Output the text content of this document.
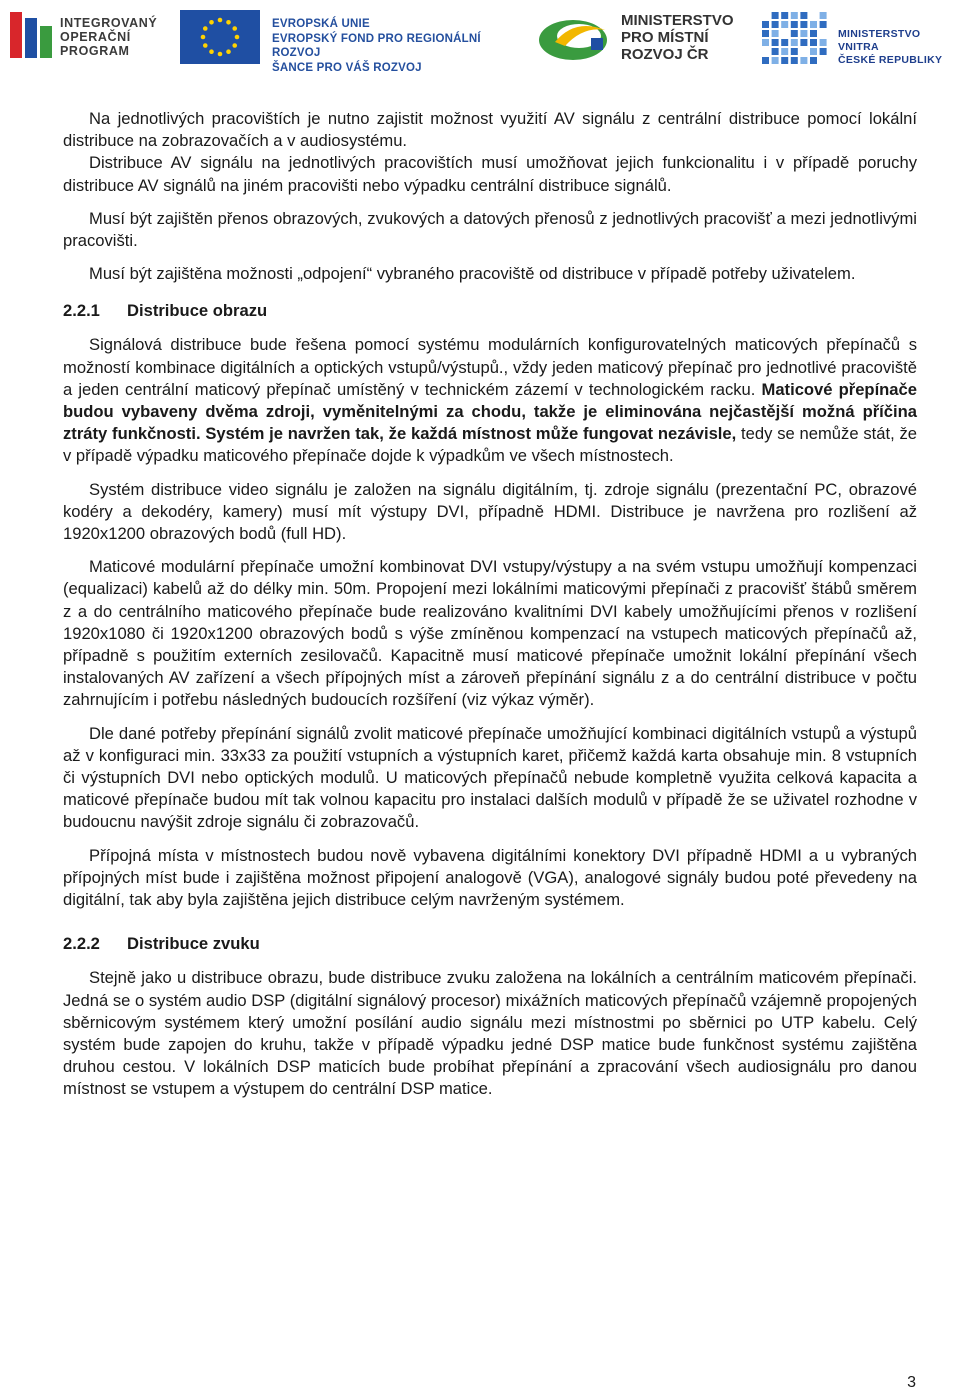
INTEGROVANÝ
OPERAČNÍ
PROGRAM
EVROPSKÁ UNIE
EVROPSKÝ FOND PRO REGIONÁLNÍ ROZVOJ
ŠANCE PRO VÁŠ ROZVOJ
MINISTERSTVO
PRO MÍSTNÍ
ROZVOJ ČR
MINISTERSTVO VNITRA
ČESKÉ REPUBLIKY

Na jednotlivých pracovištích je nutno zajistit možnost využití AV signálu z centrální distribuce pomocí lokální distribuce na zobrazovačích a v audiosystému.

Distribuce AV signálu na jednotlivých pracovištích musí umožňovat jejich funkcionalitu i v případě poruchy distribuce AV signálů na jiném pracovišti nebo výpadku centrální distribuce signálů.

Musí být zajištěn přenos obrazových, zvukových a datových přenosů z jednotlivých pracovišť a mezi jednotlivými pracovišti.

Musí být zajištěna možnosti „odpojení“ vybraného pracoviště od distribuce v případě potřeby uživatelem.

2.2.1	Distribuce obrazu

Signálová distribuce bude řešena pomocí systému modulárních konfigurovatelných maticových přepínačů s možností kombinace digitálních a optických vstupů/výstupů., vždy jeden maticový přepínač pro jednotlivé pracoviště a jeden centrální maticový přepínač umístěný v technickém zázemí v technologickém racku. Maticové přepínače budou vybaveny dvěma zdroji, vyměnitelnými za chodu, takže je eliminována nejčastější možná příčina ztráty funkčnosti. Systém je navržen tak, že každá místnost může fungovat nezávisle, tedy se nemůže stát, že v případě výpadku maticového přepínače dojde k výpadkům ve všech místnostech.

Systém distribuce video signálu je založen na signálu digitálním, tj. zdroje signálu (prezentační PC, obrazové kodéry a dekodéry, kamery) musí mít výstupy DVI, případně HDMI. Distribuce je navržena pro rozlišení až 1920x1200 obrazových bodů (full HD).

Maticové modulární přepínače umožní kombinovat DVI vstupy/výstupy a na svém vstupu umožňují kompenzaci (equalizaci) kabelů až do délky min. 50m. Propojení mezi lokálními maticovými přepínači z pracovišť štábů směrem z a do centrálního maticového přepínače bude realizováno kvalitními DVI kabely umožňujícími přenos v rozlišení 1920x1080 či 1920x1200 obrazových bodů s výše zmíněnou kompenzací na vstupech maticových přepínačů až, případně s použitím externích zesilovačů. Kapacitně musí maticové přepínače umožnit lokální přepínání všech instalovaných AV zařízení a všech přípojných míst a zároveň přepínání signálu z a do centrální distribuce v počtu zahrnujícím i potřebu následných budoucích rozšíření (viz výkaz výměr).

Dle dané potřeby přepínání signálů zvolit maticové přepínače umožňující kombinaci digitálních vstupů a výstupů až v konfiguraci min. 33x33 za použití vstupních a výstupních karet, přičemž každá karta obsahuje min. 8 vstupních či výstupních DVI nebo optických modulů. U maticových přepínačů nebude kompletně využita celková kapacita a maticové přepínače budou mít tak volnou kapacitu pro instalaci dalších modulů v případě že se uživatel rozhodne v budoucnu navýšit zdroje signálu či zobrazovačů.

Přípojná místa v místnostech budou nově vybavena digitálními konektory DVI případně HDMI a u vybraných přípojných míst bude i zajištěna možnost připojení analogově (VGA), analogové signály budou poté převedeny na digitální, tak aby byla zajištěna jejich distribuce celým navrženým systémem.

2.2.2	Distribuce zvuku

Stejně jako u distribuce obrazu, bude distribuce zvuku založena na lokálních a centrálním maticovém přepínači. Jedná se o systém audio DSP (digitální signálový procesor) mixážních maticových přepínačů vzájemně propojených sběrnicovým systémem který umožní posílání audio signálu mezi místnostmi po sběrnici po UTP kabelu. Celý systém bude zapojen do kruhu, takže v případě výpadku jedné DSP matice bude funkčnost systému zajištěna druhou cestou. V lokálních DSP maticích bude probíhat přepínání a zpracování všech audiosignálu pro danou místnost se vstupem a výstupem do centrální DSP matice.

3
